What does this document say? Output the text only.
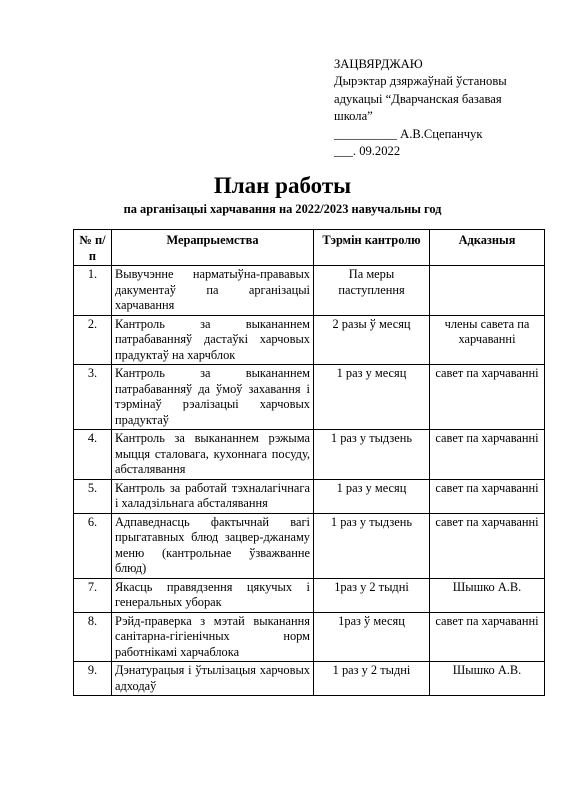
ЗАЦВЯРДЖАЮ
Дырэктар дзяржаўнай ўстановы
адукацыі “Дварчанская базавая
школа”
__________ А.В.Сцепанчук
___. 09.2022
План работы
па арганізацыі харчавання на 2022/2023 навучальны год
№ п/п	Мерапрыемства	Тэрмін кантролю	Адказныя
1.	Вывучэнне нарматыўна-прававых дакументаў па арганізацыі харчавання	Па меры паступлення	
2.	Кантроль за выкананнем патрабаванняў дастаўкі харчовых прадуктаў на харчблок	2 разы ў месяц	члены савета па харчаванні
3.	Кантроль за выкананнем патрабаванняў да ўмоў захавання і тэрмінаў рэалізацыі харчовых прадуктаў	1 раз у месяц	савет па харчаванні
4.	Кантроль за выкананнем рэжыма мыцця сталовага, кухоннага посуду, абсталявання	1 раз у тыдзень	савет па харчаванні
5.	Кантроль за работай тэхналагічнага і халадзільнага абсталявання	1 раз у месяц	савет па харчаванні
6.	Адпаведнасць фактычнай вагі прыгатавных блюд зацвер-джанаму меню (кантрольнае ўзважванне блюд)	1 раз у тыдзень	савет па харчаванні
7.	Якасць правядзення цякучых і генеральных уборак	1раз у 2 тыдні	Шышко А.В.
8.	Рэйд-праверка з мэтай выканання санітарна-гігіенічных норм работнікамі харчаблока	1раз ў месяц	савет па харчаванні
9.	Дэнатурацыя і ўтылізацыя харчовых адходаў	1 раз у 2 тыдні	Шышко А.В.
